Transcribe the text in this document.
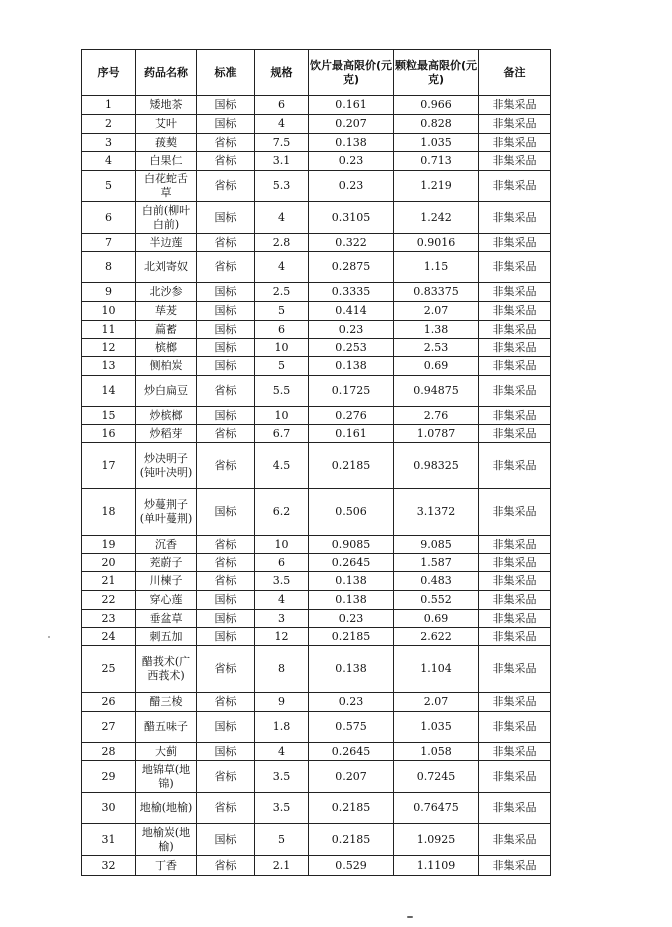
序号	药品名称	标准	规格	饮片最高限价(元克)	颗粒最高限价(元克)	备注
1	矮地茶	国标	6	0.161	0.966	非集采品
2	艾叶	国标	4	0.207	0.828	非集采品
3	菝葜	省标	7.5	0.138	1.035	非集采品
4	白果仁	省标	3.1	0.23	0.713	非集采品
5	白花蛇舌草	省标	5.3	0.23	1.219	非集采品
6	白前(柳叶白前)	国标	4	0.3105	1.242	非集采品
7	半边莲	省标	2.8	0.322	0.9016	非集采品
8	北刘寄奴	省标	4	0.2875	1.15	非集采品
9	北沙参	国标	2.5	0.3335	0.83375	非集采品
10	荜茇	国标	5	0.414	2.07	非集采品
11	萹蓄	国标	6	0.23	1.38	非集采品
12	槟榔	国标	10	0.253	2.53	非集采品
13	侧柏炭	国标	5	0.138	0.69	非集采品
14	炒白扁豆	省标	5.5	0.1725	0.94875	非集采品
15	炒槟榔	国标	10	0.276	2.76	非集采品
16	炒稻芽	省标	6.7	0.161	1.0787	非集采品
17	炒决明子(钝叶决明)	省标	4.5	0.2185	0.98325	非集采品
18	炒蔓荆子(单叶蔓荆)	国标	6.2	0.506	3.1372	非集采品
19	沉香	省标	10	0.9085	9.085	非集采品
20	茺蔚子	省标	6	0.2645	1.587	非集采品
21	川楝子	省标	3.5	0.138	0.483	非集采品
22	穿心莲	国标	4	0.138	0.552	非集采品
23	垂盆草	国标	3	0.23	0.69	非集采品
24	刺五加	国标	12	0.2185	2.622	非集采品
25	醋莪术(广西莪术)	省标	8	0.138	1.104	非集采品
26	醋三棱	省标	9	0.23	2.07	非集采品
27	醋五味子	国标	1.8	0.575	1.035	非集采品
28	大蓟	国标	4	0.2645	1.058	非集采品
29	地锦草(地锦)	省标	3.5	0.207	0.7245	非集采品
30	地榆(地榆)	省标	3.5	0.2185	0.76475	非集采品
31	地榆炭(地榆)	国标	5	0.2185	1.0925	非集采品
32	丁香	省标	2.1	0.529	1.1109	非集采品
